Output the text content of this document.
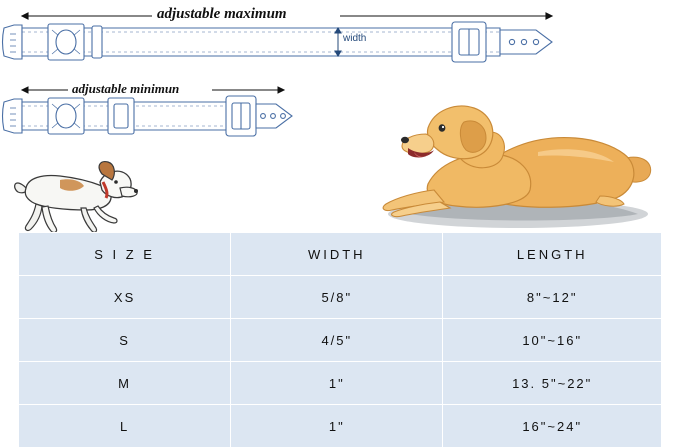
adjustable maximum
width
adjustable minimun
S I Z E	WIDTH	LENGTH
XS	5/8"	8"~12"
S	4/5"	10"~16"
M	1"	13. 5"~22"
L	1"	16"~24"
